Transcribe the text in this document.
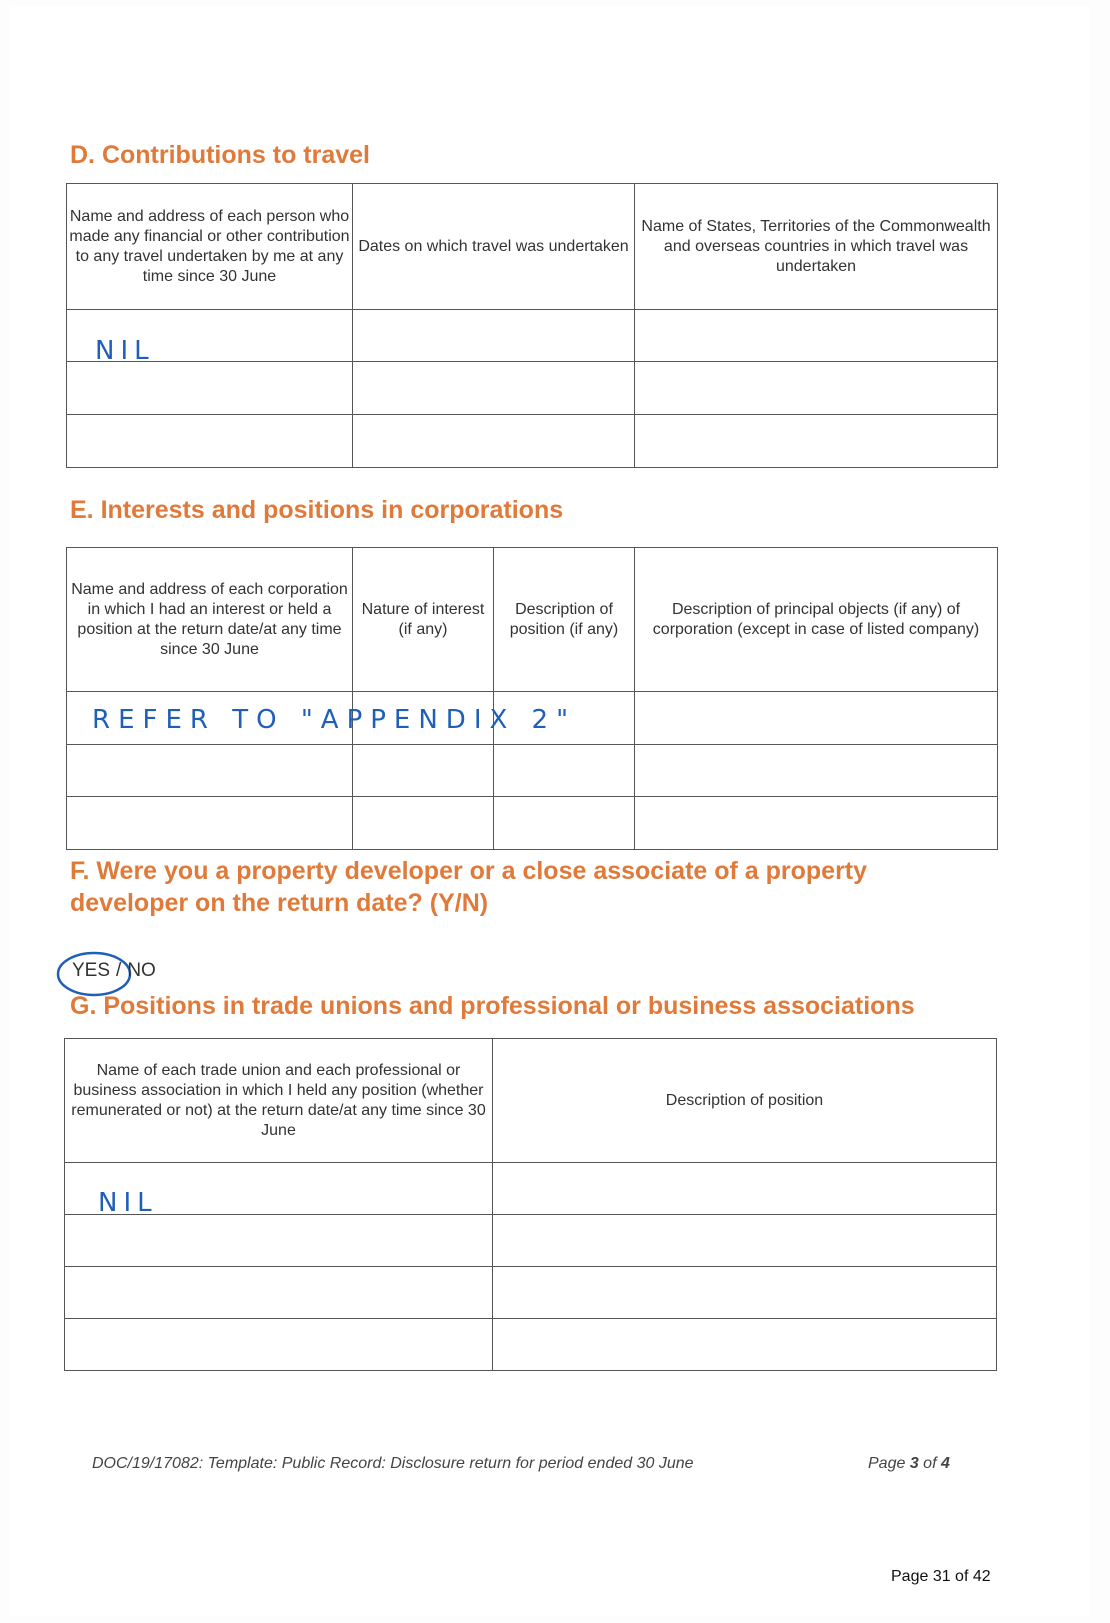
D. Contributions to travel
Name and address of each person who made any financial or other contribution to any travel undertaken by me at any time since 30 June	Dates on which travel was undertaken	Name of States, Territories of the Commonwealth and overseas countries in which travel was undertaken

NIL
E. Interests and positions in corporations
Name and address of each corporation in which I had an interest or held a position at the return date/at any time since 30 June	Nature of interest (if any)	Description of position (if any)	Description of principal objects (if any) of corporation (except in case of listed company)

REFER TO "APPENDIX 2"
F. Were you a property developer or a close associate of a property developer on the return date? (Y/N)
YES / NO
G. Positions in trade unions and professional or business associations
Name of each trade union and each professional or business association in which I held any position (whether remunerated or not) at the return date/at any time since 30 June	Description of position

NIL
DOC/19/17082: Template: Public Record: Disclosure return for period ended 30 June	Page 3 of 4
Page 31 of 42
